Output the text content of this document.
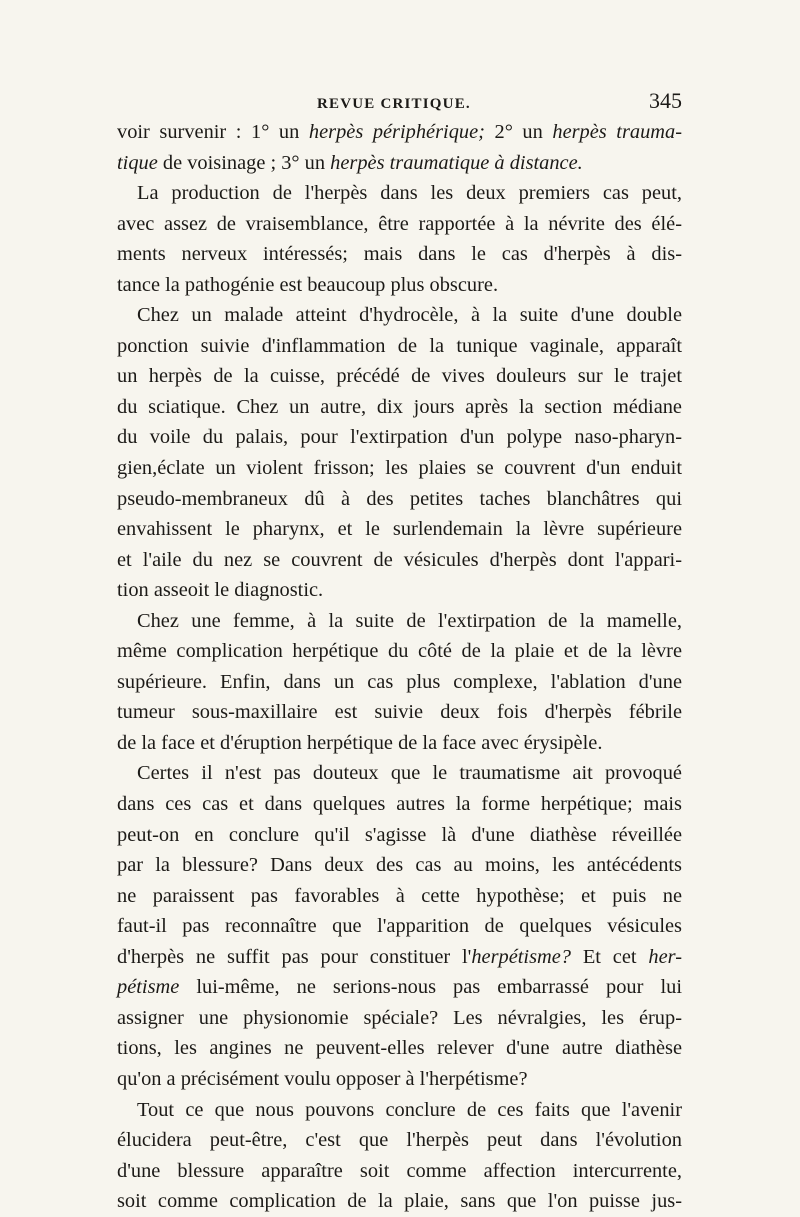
REVUE CRITIQUE.	345
voir survenir : 1° un herpès périphérique; 2° un herpès trauma-
tique de voisinage ; 3° un herpès traumatique à distance.
La production de l'herpès dans les deux premiers cas peut,
avec assez de vraisemblance, être rapportée à la névrite des élé-
ments nerveux intéressés; mais dans le cas d'herpès à dis-
tance la pathogénie est beaucoup plus obscure.
Chez un malade atteint d'hydrocèle, à la suite d'une double
ponction suivie d'inflammation de la tunique vaginale, apparaît
un herpès de la cuisse, précédé de vives douleurs sur le trajet
du sciatique. Chez un autre, dix jours après la section médiane
du voile du palais, pour l'extirpation d'un polype naso-pharyn-
gien,éclate un violent frisson; les plaies se couvrent d'un enduit
pseudo-membraneux dû à des petites taches blanchâtres qui
envahissent le pharynx, et le surlendemain la lèvre supérieure
et l'aile du nez se couvrent de vésicules d'herpès dont l'appari-
tion asseoit le diagnostic.
Chez une femme, à la suite de l'extirpation de la mamelle,
même complication herpétique du côté de la plaie et de la lèvre
supérieure. Enfin, dans un cas plus complexe, l'ablation d'une
tumeur sous-maxillaire est suivie deux fois d'herpès fébrile
de la face et d'éruption herpétique de la face avec érysipèle.
Certes il n'est pas douteux que le traumatisme ait provoqué
dans ces cas et dans quelques autres la forme herpétique; mais
peut-on en conclure qu'il s'agisse là d'une diathèse réveillée
par la blessure? Dans deux des cas au moins, les antécédents
ne paraissent pas favorables à cette hypothèse; et puis ne
faut-il pas reconnaître que l'apparition de quelques vésicules
d'herpès ne suffit pas pour constituer l'herpétisme? Et cet her-
pétisme lui-même, ne serions-nous pas embarrassé pour lui
assigner une physionomie spéciale? Les névralgies, les érup-
tions, les angines ne peuvent-elles relever d'une autre diathèse
qu'on a précisément voulu opposer à l'herpétisme?
Tout ce que nous pouvons conclure de ces faits que l'avenir
élucidera peut-être, c'est que l'herpès peut dans l'évolution
d'une blessure apparaître soit comme affection intercurrente,
soit comme complication de la plaie, sans que l'on puisse jus-
